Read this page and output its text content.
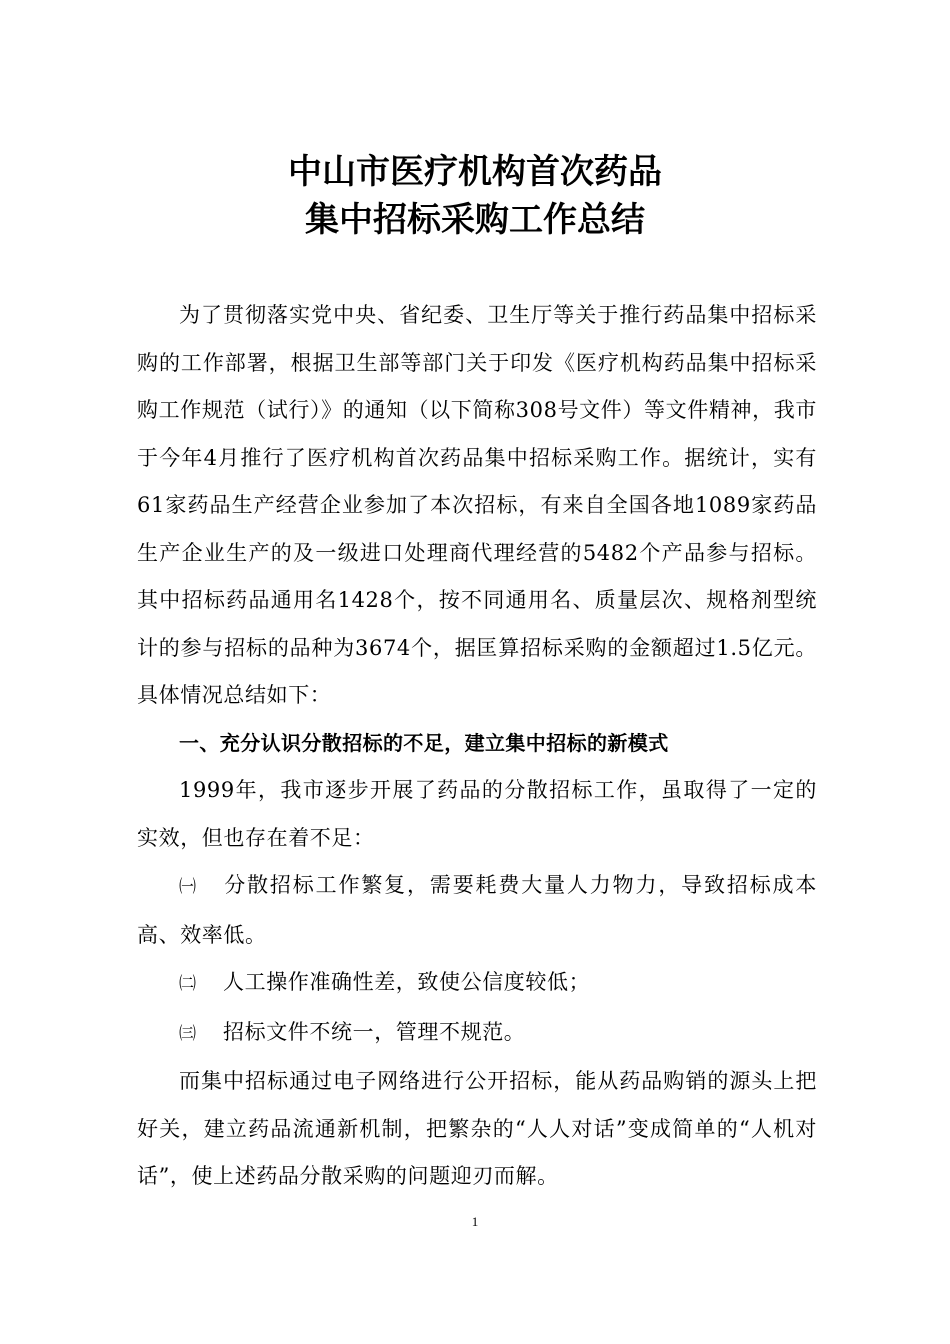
中山市医疗机构首次药品
集中招标采购工作总结

为了贯彻落实党中央、省纪委、卫生厅等关于推行药品集中招标采购的工作部署，根据卫生部等部门关于印发《医疗机构药品集中招标采购工作规范（试行）》的通知（以下简称308号文件）等文件精神，我市于今年4月推行了医疗机构首次药品集中招标采购工作。据统计，实有61家药品生产经营企业参加了本次招标，有来自全国各地1089家药品生产企业生产的及一级进口处理商代理经营的5482个产品参与招标。其中招标药品通用名1428个，按不同通用名、质量层次、规格剂型统计的参与招标的品种为3674个，据匡算招标采购的金额超过1.5亿元。具体情况总结如下：

一、充分认识分散招标的不足，建立集中招标的新模式

1999年，我市逐步开展了药品的分散招标工作，虽取得了一定的实效，但也存在着不足：

㈠ 分散招标工作繁复，需要耗费大量人力物力，导致招标成本高、效率低。

㈡ 人工操作准确性差，致使公信度较低；

㈢ 招标文件不统一，管理不规范。

而集中招标通过电子网络进行公开招标，能从药品购销的源头上把好关，建立药品流通新机制，把繁杂的“人人对话”变成简单的“人机对话”，使上述药品分散采购的问题迎刃而解。

1
